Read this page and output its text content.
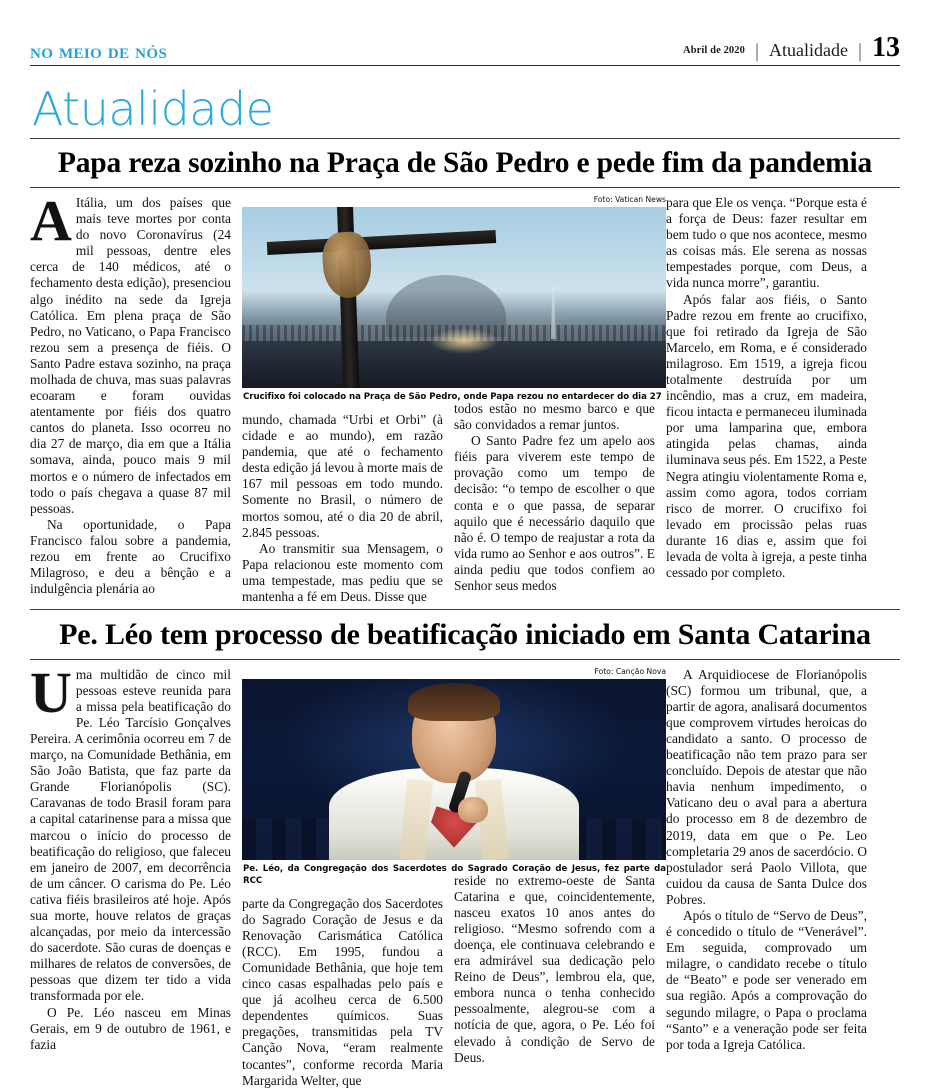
no meio de nós	Abril de 2020 | Atualidade | 13
Atualidade
Papa reza sozinho na Praça de São Pedro e pede fim da pandemia

AItália, um dos países que mais teve mortes por conta do novo Coronavírus (24 mil pessoas, dentre eles cerca de 140 médicos, até o fechamento desta edição), presenciou algo inédito na sede da Igreja Católica. Em plena praça de São Pedro, no Vaticano, o Papa Francisco rezou sem a presença de fiéis. O Santo Padre estava sozinho, na praça molhada de chuva, mas suas palavras ecoaram e foram ouvidas atentamente por fiéis dos quatro cantos do planeta. Isso ocorreu no dia 27 de março, dia em que a Itália somava, ainda, pouco mais 9 mil mortos e o número de infectados em todo o país chegava a quase 87 mil pessoas.

Na oportunidade, o Papa Francisco falou sobre a pandemia, rezou em frente ao Crucifixo Milagroso, e deu a bênção e a indulgência plenária ao

Foto: Vatican News
Crucifixo foi colocado na Praça de São Pedro, onde Papa rezou no entardecer do dia 27

mundo, chamada “Urbi et Orbi” (à cidade e ao mundo), em razão pandemia, que até o fechamento desta edição já levou à morte mais de 167 mil pessoas em todo mundo. Somente no Brasil, o número de mortos somou, até o dia 20 de abril, 2.845 pessoas.

Ao transmitir sua Mensagem, o Papa relacionou este momento com uma tempestade, mas pediu que se mantenha a fé em Deus. Disse que

todos estão no mesmo barco e que são convidados a remar juntos.

O Santo Padre fez um apelo aos fiéis para viverem este tempo de provação como um tempo de decisão: “o tempo de escolher o que conta e o que passa, de separar aquilo que é necessário daquilo que não é. O tempo de reajustar a rota da vida rumo ao Senhor e aos outros”. E ainda pediu que todos confiem ao Senhor seus medos

para que Ele os vença. “Porque esta é a força de Deus: fazer resultar em bem tudo o que nos acontece, mesmo as coisas más. Ele serena as nossas tempestades porque, com Deus, a vida nunca morre”, garantiu.

Após falar aos fiéis, o Santo Padre rezou em frente ao crucifixo, que foi retirado da Igreja de São Marcelo, em Roma, e é considerado milagroso. Em 1519, a igreja ficou totalmente destruída por um incêndio, mas a cruz, em madeira, ficou intacta e permaneceu iluminada por uma lamparina que, embora atingida pelas chamas, ainda iluminava seus pés. Em 1522, a Peste Negra atingiu violentamente Roma e, assim como agora, todos corriam risco de morrer. O crucifixo foi levado em procissão pelas ruas durante 16 dias e, assim que foi levada de volta à igreja, a peste tinha cessado por completo.

Pe. Léo tem processo de beatificação iniciado em Santa Catarina

Uma multidão de cinco mil pessoas esteve reunida para a missa pela beatificação do Pe. Léo Tarcísio Gonçalves Pereira. A cerimônia ocorreu em 7 de março, na Comunidade Bethânia, em São João Batista, que faz parte da Grande Florianópolis (SC). Caravanas de todo Brasil foram para a capital catarinense para a missa que marcou o início do processo de beatificação do religioso, que faleceu em janeiro de 2007, em decorrência de um câncer. O carisma do Pe. Léo cativa fiéis brasileiros até hoje. Após sua morte, houve relatos de graças alcançadas, por meio da intercessão do sacerdote. São curas de doenças e milhares de relatos de conversões, de pessoas que dizem ter tido a vida transformada por ele.

O Pe. Léo nasceu em Minas Gerais, em 9 de outubro de 1961, e fazia

Foto: Canção Nova
Pe. Léo, da Congregação dos Sacerdotes do Sagrado Coração de Jesus, fez parte da RCC

parte da Congregação dos Sacerdotes do Sagrado Coração de Jesus e da Renovação Carismática Católica (RCC). Em 1995, fundou a Comunidade Bethânia, que hoje tem cinco casas espalhadas pelo país e que já acolheu cerca de 6.500 dependentes químicos. Suas pregações, transmitidas pela TV Canção Nova, “eram realmente tocantes”, conforme recorda Maria Margarida Welter, que

reside no extremo-oeste de Santa Catarina e que, coincidentemente, nasceu exatos 10 anos antes do religioso. “Mesmo sofrendo com a doença, ele continuava celebrando e era admirável sua dedicação pelo Reino de Deus”, lembrou ela, que, embora nunca o tenha conhecido pessoalmente, alegrou-se com a notícia de que, agora, o Pe. Léo foi elevado à condição de Servo de Deus.

A Arquidiocese de Florianópolis (SC) formou um tribunal, que, a partir de agora, analisará documentos que comprovem virtudes heroicas do candidato a santo. O processo de beatificação não tem prazo para ser concluído. Depois de atestar que não havia nenhum impedimento, o Vaticano deu o aval para a abertura do processo em 8 de dezembro de 2019, data em que o Pe. Leo completaria 29 anos de sacerdócio. O postulador será Paolo Villota, que cuidou da causa de Santa Dulce dos Pobres.

Após o título de “Servo de Deus”, é concedido o título de “Venerável”. Em seguida, comprovado um milagre, o candidato recebe o título de “Beato” e pode ser venerado em sua região. Após a comprovação do segundo milagre, o Papa o proclama “Santo” e a veneração pode ser feita por toda a Igreja Católica.
